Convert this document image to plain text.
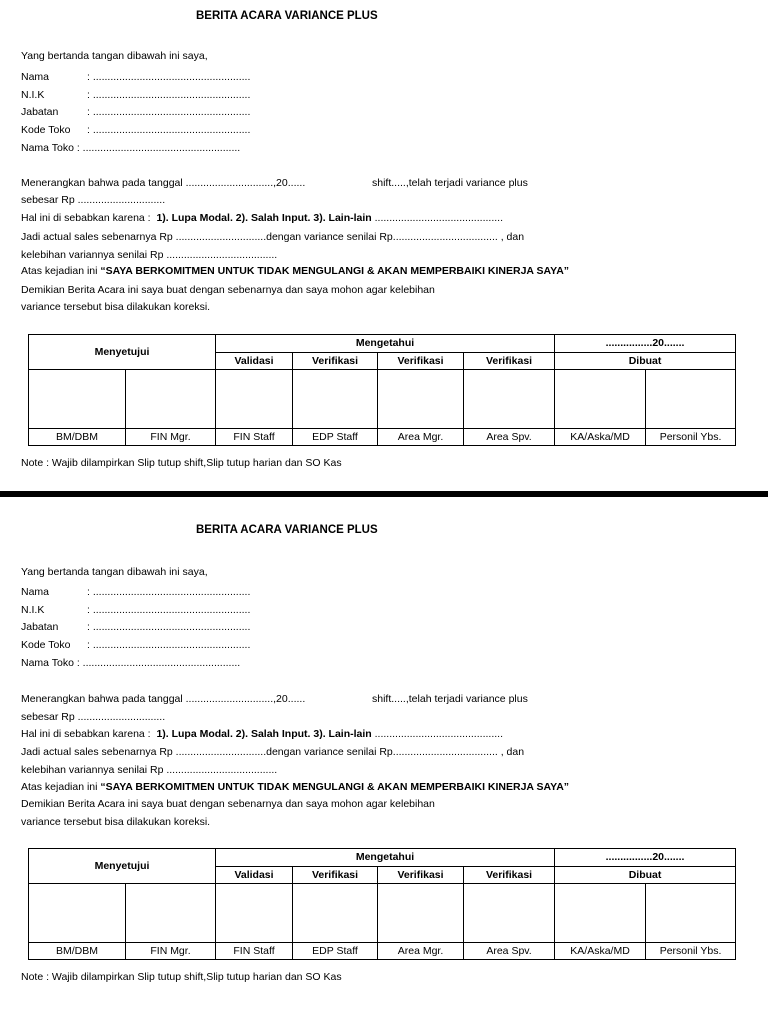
BERITA ACARA VARIANCE PLUS
Yang bertanda tangan dibawah ini saya,
Nama	: ......................................................
N.I.K	: ......................................................
Jabatan	: ......................................................
Kode Toko : ......................................................
Nama Toko : ......................................................
Menerangkan bahwa pada tanggal ..............................,20......	shift.....,telah terjadi variance plus
sebesar Rp ..............................
Hal ini di sebabkan karena : 1). Lupa Modal. 2). Salah Input. 3). Lain-lain ............................................
Jadi actual sales sebenarnya Rp ...............................dengan variance senilai Rp.................................... , dan
kelebihan variannya senilai Rp ......................................
Atas kejadian ini “SAYA BERKOMITMEN UNTUK TIDAK MENGULANGI & AKAN MEMPERBAIKI KINERJA SAYA”
Demikian Berita Acara ini saya buat dengan sebenarnya dan saya mohon agar kelebihan
variance tersebut bisa dilakukan koreksi.
Menyetujui		Mengetahui				................20.......	
		Validasi	Verifikasi	Verifikasi	Verifikasi	Dibuat	

BM/DBM	FIN Mgr.	FIN Staff	EDP Staff	Area Mgr.	Area Spv.	KA/Aska/MD	Personil Ybs.
Note : Wajib dilampirkan Slip tutup shift,Slip tutup harian dan SO Kas
BERITA ACARA VARIANCE PLUS
Yang bertanda tangan dibawah ini saya,
Nama	: ......................................................
N.I.K	: ......................................................
Jabatan	: ......................................................
Kode Toko : ......................................................
Nama Toko : ......................................................
Menerangkan bahwa pada tanggal ..............................,20......	shift.....,telah terjadi variance plus
sebesar Rp ..............................
Hal ini di sebabkan karena : 1). Lupa Modal. 2). Salah Input. 3). Lain-lain ............................................
Jadi actual sales sebenarnya Rp ...............................dengan variance senilai Rp.................................... , dan
kelebihan variannya senilai Rp ......................................
Atas kejadian ini “SAYA BERKOMITMEN UNTUK TIDAK MENGULANGI & AKAN MEMPERBAIKI KINERJA SAYA”
Demikian Berita Acara ini saya buat dengan sebenarnya dan saya mohon agar kelebihan
variance tersebut bisa dilakukan koreksi.
Menyetujui		Mengetahui				................20.......	
		Validasi	Verifikasi	Verifikasi	Verifikasi	Dibuat	

BM/DBM	FIN Mgr.	FIN Staff	EDP Staff	Area Mgr.	Area Spv.	KA/Aska/MD	Personil Ybs.
Note : Wajib dilampirkan Slip tutup shift,Slip tutup harian dan SO Kas
